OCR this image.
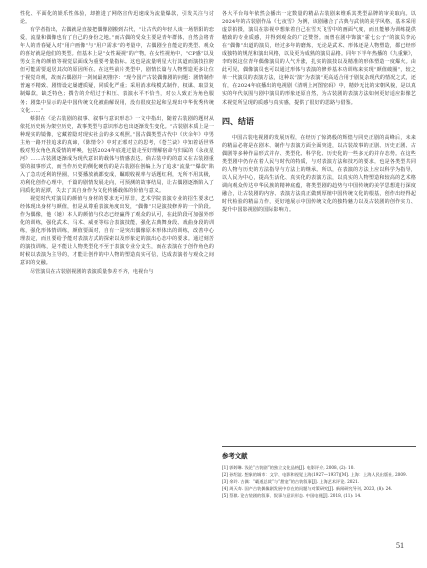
性化、平面化的娱乐性体验，却推进了网络宣传迅速成为流量爆款，引发关注与讨论。

有学者指出，古偶就是直接把偶像剧搬到古代，“让古代的年轻人谈一场帮阳的恋爱，流量和偶像也有了自己的身份之地。”而古偶的受众主要是青年群体，自然会将青年人的青春疑入对“用户画像”与“用户需求”的考量中，古偶剧全自能定的类型、观众的喜好就是他们的类型。但基本上是“女性凝视”的产物。在女性视角中，“CP感”以及男女主角的颜值等视觉层面成为重要考量指标。这也是流量明星大行其道而演技拉胯但可能需要退居其次的原因所在。在这些前片类型中，剧情长篇与人物塑造更多让位于视觉奇观，故而古偶剧并一剑间最初推序：“现今国产古装偶像剧的问题：剧情制作普遍不精致、剧情设定屡遭质疑，同质化严重；采用消求线模式制作，权谋、取景复制爆款，缺乏特色；撰告的介绍过于积压、表演水平不恰当，对公人致正为角色服务；剧集中显示的是中国传统文化被曲解误用，没有很度拉起和呈现出中华优秀传统文化……”

蔡骐在《论古装剧的叙事、叙事与意识形态》一文中指出，随着古装剧的题材从依托历史转为架空历史，故事类型与意识形态也出逐渐发生变化。“古装剧本质上是一种现实的镜像，它藏着隐对现实社会的多义观照。”国古偶类型古代中《庆余年》中男主角一路开挂追求的真谛，《陈情令》中对正邪对立的思考，《苍兰诀》中知着话世界般对男女角色真爱情的呼唤，包括2024年底进过量走至好理解宿命与归属的《永夜星河》……古装剧逐渐成为现代意识的载体与情感表达。倘古装中的的意义在古装剧重要的叙事形式，而当作历史的侧化硬伤的是古装剧在创编上为了追求“流量”“爆款”陷入了急功近利的怪圈，只要播放就都变成，瞩眼收视率与话题红利，无所不用其极，功利化创作心理中，千篇的剧情发展走向，可预测的故事结局，让古偶剧逐渐陷入了同质化的泥潭，失去了其自身作为文化传播载体的价值与意义。

视觉时代对演员的颜值与身材的要求无可厚非，艺术学院表演专业的招生要求已经体现出身材与颜值，但是从尊重表演角度出发，“偶像”只是演技修养的一个阶段。作为偶像，他（她）本人的颜值与仪态已经赢得了观众的认可，在此阶段可加强外形化的训练，强化武术、马术、威亚等综合表演技能，强化古典舞身段、戏曲身段的训练，强化形体情训练，颜值要面对，自有一是突出偶像原本形体出的训练，改善中心理表定，而且要给予能对表演方式的探索以及形象定的演出心态中的要求。通过刻苦的演技训练，是不能让人物类型化不至于表演专业分支生，而在表演在于创作角色的时候以表演为主导的，才能让创作的中人物的塑造真实可信，达成表演者与观众之间意识的交融。

尽管演员在古装剧视剧的表演质量参差不齐，电视台与

各大平台每年依然会播出一定数量的精品古装剧来维系其类型品牌的审美取向。以2024年的古装剧作品《七夜雪》为例，该剧融合了古典与武侠的美学风格，基本采用虚景拍摄，演员在影视中想象着自己在雪天飞雪中的画面气度，而且能够为训练提供精致的专业质感，并得到观众的广泛赞誉。而曾在剧中饰演“霍七公子”的演员李沁在“偶像”出道的演员，经过多年的磨炼，无论是武术、形体还是人物塑造，都已经形成独特的规范和演出风格，以及更为成熟的演员品格。同年下半年热播的《九重紫》，李昀锐这位青年偶像演员的人气升涨，扎实的演技以及精准的形体塑造一度爆火。由此可见，偶像演员也可以通过形体与表演的修养基本功训练来实现“颜值破圈”，较之单一代演员的表演方法，这种以“演”为表演“更高适合用于剧复杂现代的情况之式，还有，在2024年底播出的电视剧《清明上河图密码》中，精妙无比的宋朝风貌，是以真实的年代氛围与剧中演员的形象还原自然，为古装剧的表演方法如何更好适应影像艺术视觉所呈现的质感与真实感，提供了很好的思路与借鉴。

四、结语

中国古装电视剧的发展历程，在经历了惊鸿般的辉煌与同史正剧的高峰后，未来的精品必将是在剧本、制作与表演方面全面突进，以古装故事的正剧、历史正剧、古偶剧等多种作品形式并存、类型化、科学化、历史化的一些多元的并存态势。在这些类型剧中仍存在着人民与时代的特质，与对表演方法和技巧的要求，也是各类型共同的人物与历史的方法指导与方法上的继承。所以，在表演的方法上应以科学为指导，以人民为中心，提高生活化、真实化的表演方法，以真实的人物塑造和较高的艺术格调向观众传达中华民族的精神底蕴，将类型剧的趋势与中国传统的美学思想进行深度融合，让古装剧的内容、表演方法真正做到厚植中国传统文化的根基，创作出经得起时代检验的精品力作，更好地展示中国传统文化的独特魅力以及古装剧的创作实力、提升中国影视剧的国际影响力。

参考文献

[1] 郭婷琳. 浅论“古装剧”的独立文化品格[J]. 电影评介, 2008, (2): 10.

[2] 孙绍谊. 想象的城市：文学、电影和视觉上海(1927—1937)[M]. 上海：上海人民出版社, 2009.

[3] 余玲. 古偶：“霸道总裁”与“甜宠”的古装叙事[J]. 上海艺术评论, 2021.

[4] 周天寿. 国产古装偶像剧发展中存在的问题与对策研究[J]. 新闻研究导刊, 2023, (8): 24.

[5] 蔡骐. 论古装剧的叙事、叙事与意识形态. 中国电视[J]. 2018, (11): 14.

51
